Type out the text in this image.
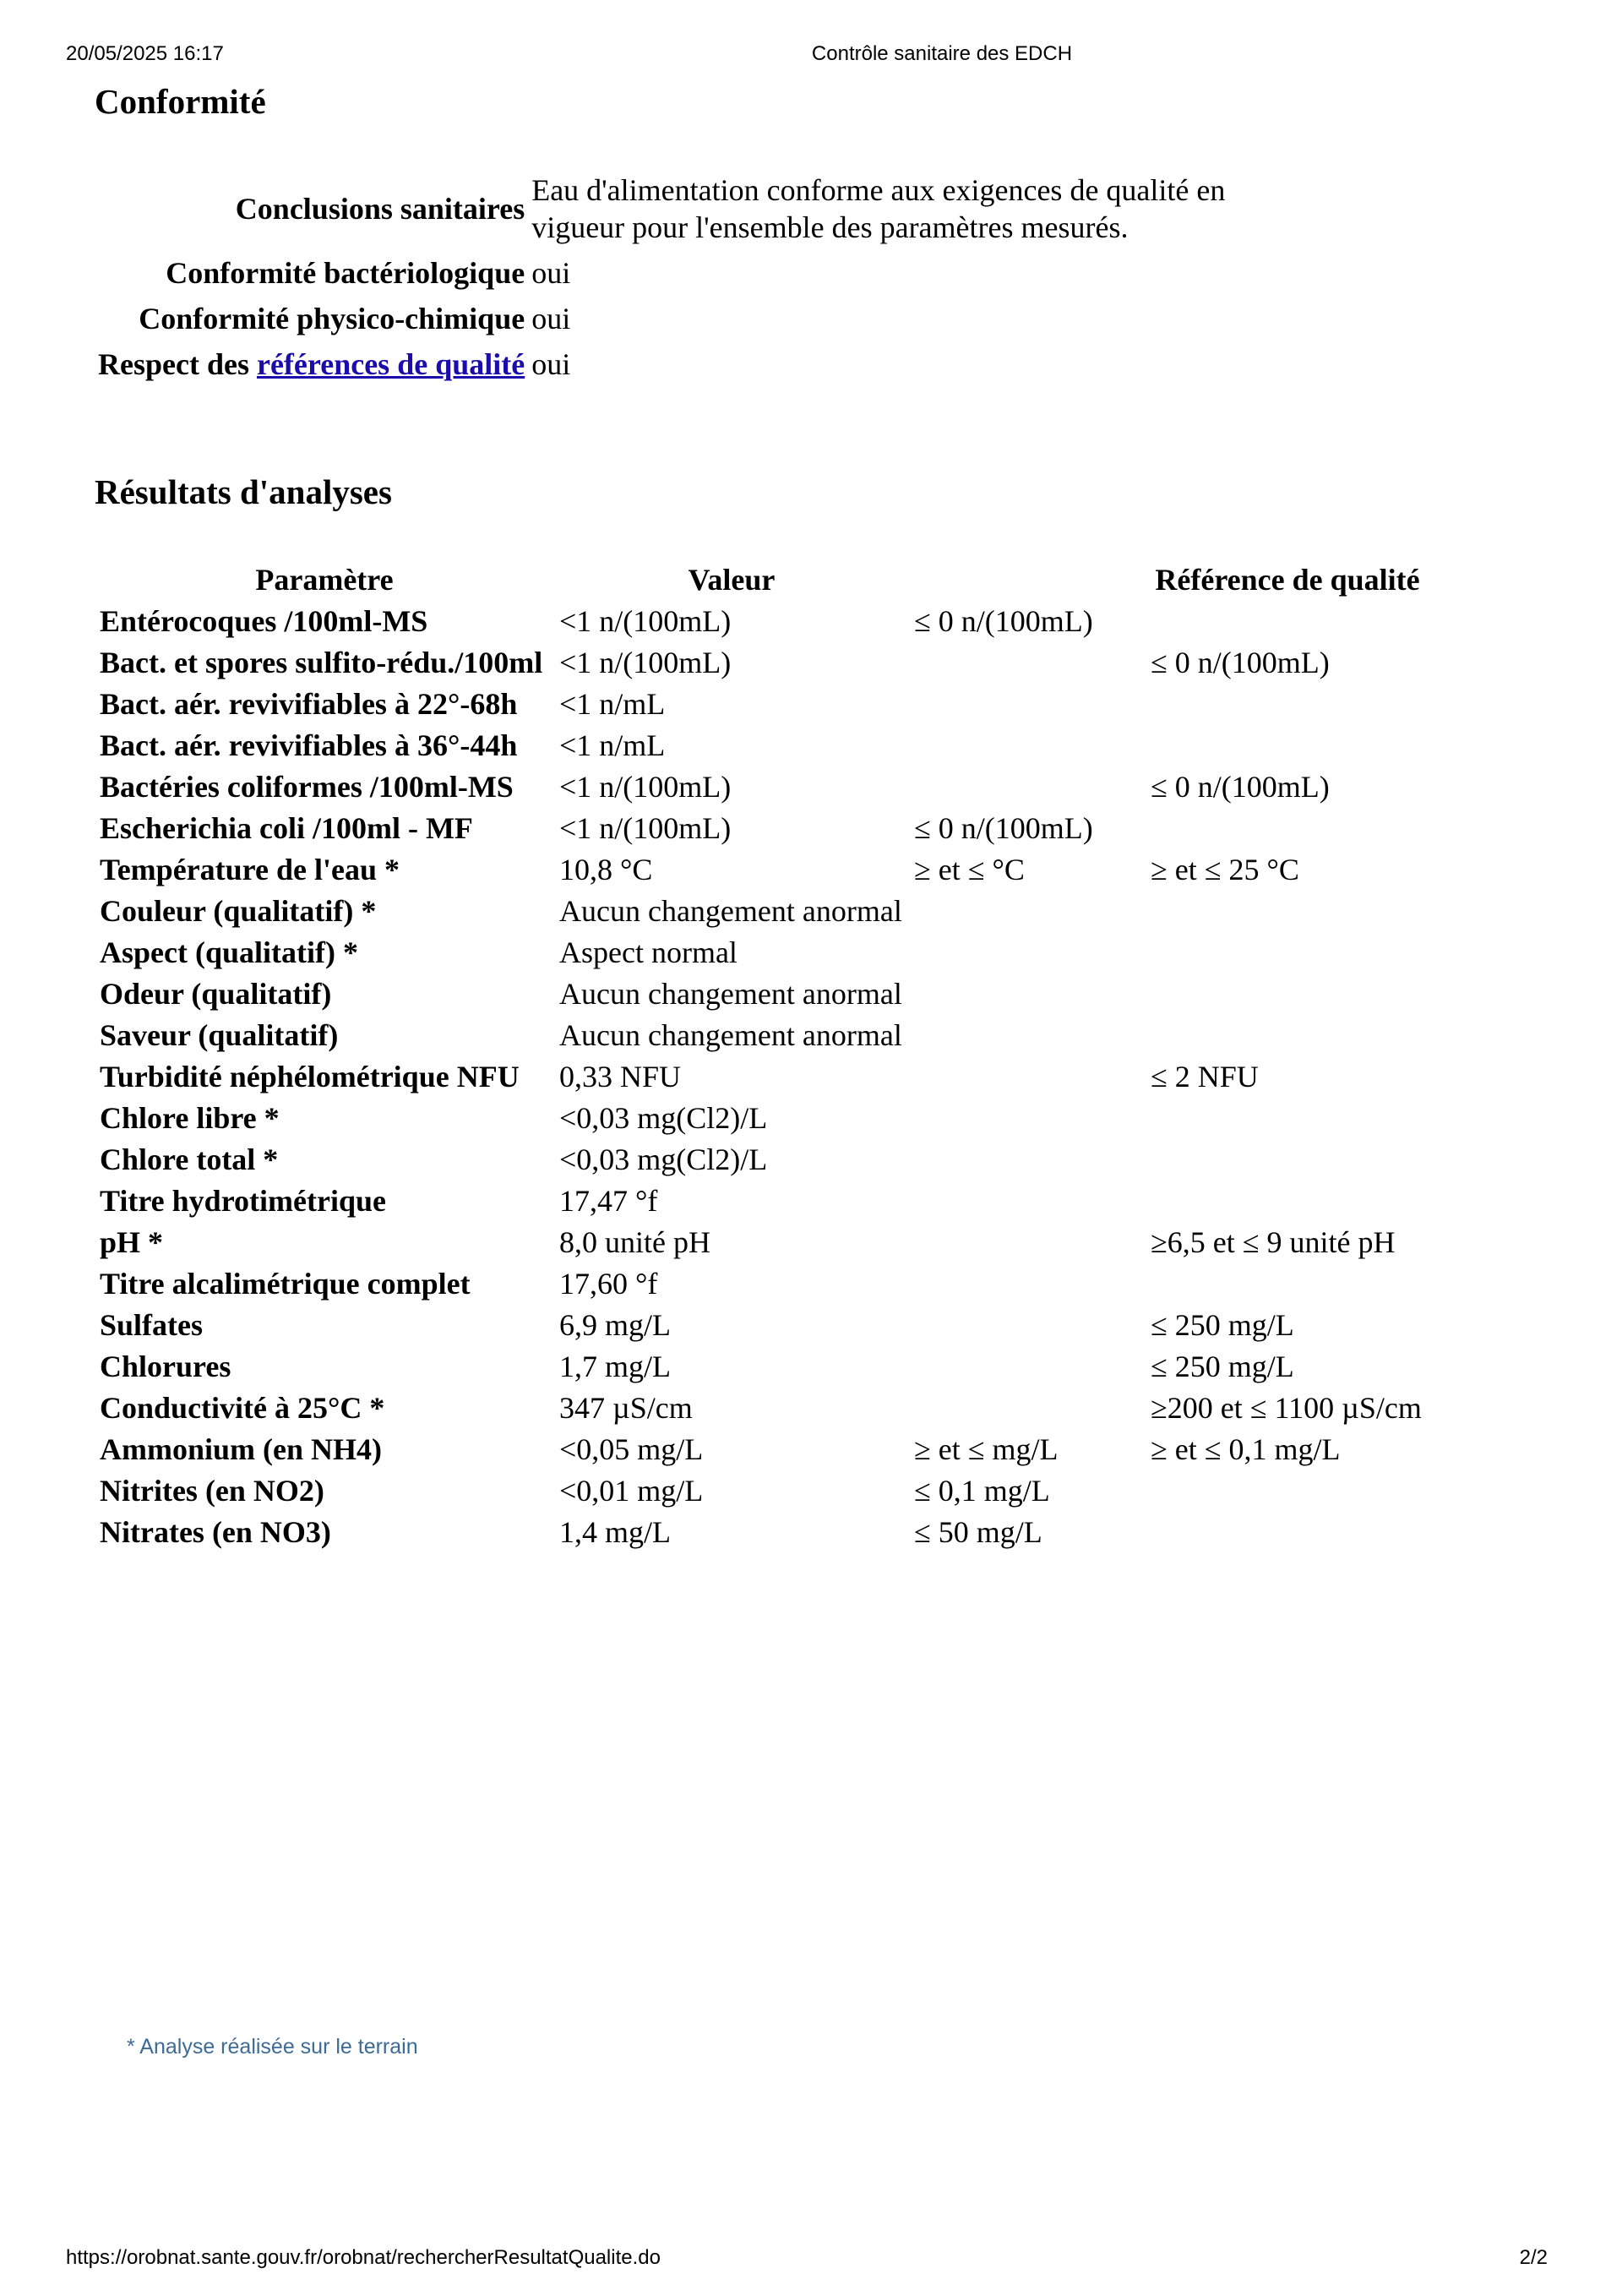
20/05/2025 16:17	Contrôle sanitaire des EDCH
Conformité
Conclusions sanitaires	Eau d'alimentation conforme aux exigences de qualité en vigueur pour l'ensemble des paramètres mesurés.
Conformité bactériologique	oui
Conformité physico-chimique	oui
Respect des références de qualité	oui
Résultats d'analyses
Paramètre	Valeur		Référence de qualité
Entérocoques /100ml-MS	<1 n/(100mL)	≤ 0 n/(100mL)	
Bact. et spores sulfito-rédu./100ml	<1 n/(100mL)		≤ 0 n/(100mL)
Bact. aér. revivifiables à 22°-68h	<1 n/mL		
Bact. aér. revivifiables à 36°-44h	<1 n/mL		
Bactéries coliformes /100ml-MS	<1 n/(100mL)		≤ 0 n/(100mL)
Escherichia coli /100ml - MF	<1 n/(100mL)	≤ 0 n/(100mL)	
Température de l'eau *	10,8 °C	≥ et ≤ °C	≥ et ≤ 25 °C
Couleur (qualitatif) *	Aucun changement anormal		
Aspect (qualitatif) *	Aspect normal		
Odeur (qualitatif)	Aucun changement anormal		
Saveur (qualitatif)	Aucun changement anormal		
Turbidité néphélométrique NFU	0,33 NFU		≤ 2 NFU
Chlore libre *	<0,03 mg(Cl2)/L		
Chlore total *	<0,03 mg(Cl2)/L		
Titre hydrotimétrique	17,47 °f		
pH *	8,0 unité pH		≥6,5 et ≤ 9 unité pH
Titre alcalimétrique complet	17,60 °f		
Sulfates	6,9 mg/L		≤ 250 mg/L
Chlorures	1,7 mg/L		≤ 250 mg/L
Conductivité à 25°C *	347 µS/cm		≥200 et ≤ 1100 µS/cm
Ammonium (en NH4)	<0,05 mg/L	≥ et ≤ mg/L	≥ et ≤ 0,1 mg/L
Nitrites (en NO2)	<0,01 mg/L	≤ 0,1 mg/L	
Nitrates (en NO3)	1,4 mg/L	≤ 50 mg/L	
* Analyse réalisée sur le terrain
https://orobnat.sante.gouv.fr/orobnat/rechercherResultatQualite.do	2/2
